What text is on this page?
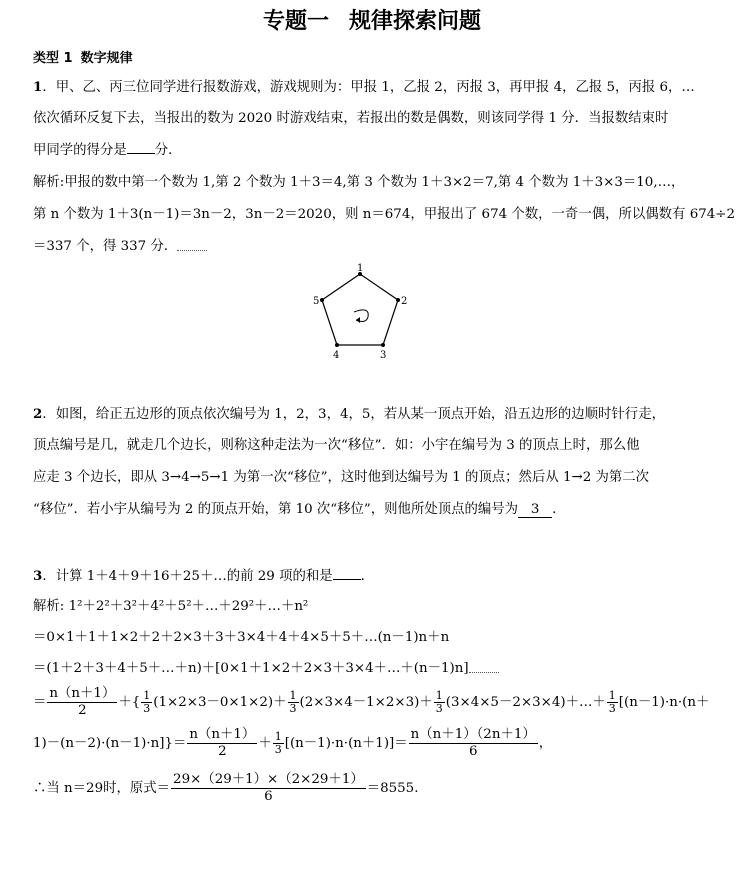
专题一 规律探索问题
类型 1 数字规律
1．甲、乙、丙三位同学进行报数游戏，游戏规则为：甲报 1，乙报 2，丙报 3，再甲报 4，乙报 5，丙报 6，…
依次循环反复下去，当报出的数为 2020 时游戏结束，若报出的数是偶数，则该同学得 1 分．当报数结束时
甲同学的得分是 分．
解析:甲报的数中第一个数为 1,第 2 个数为 1＋3＝4,第 3 个数为 1＋3×2＝7,第 4 个数为 1＋3×3＝10,…，
第 n 个数为 1＋3(n－1)＝3n－2，3n－2＝2020，则 n＝674，甲报出了 674 个数，一奇一偶，所以偶数有 674÷2
＝337 个，得 337 分．
1
2
3
4
5
2．如图，给正五边形的顶点依次编号为 1，2，3，4，5，若从某一顶点开始，沿五边形的边顺时针行走，
顶点编号是几，就走几个边长，则称这种走法为一次“移位”．如：小宇在编号为 3 的顶点上时，那么他
应走 3 个边长，即从 3→4→5→1 为第一次“移位”，这时他到达编号为 1 的顶点；然后从 1→2 为第二次
“移位”．若小宇从编号为 2 的顶点开始，第 10 次“移位”，则他所处顶点的编号为 3 ．
3．计算 1＋4＋9＋16＋25＋…的前 29 项的和是 ．
解析: 1²＋2²＋3²＋4²＋5²＋…＋29²＋…＋n²
＝0×1＋1＋1×2＋2＋2×3＋3＋3×4＋4＋4×5＋5＋…(n－1)n＋n
＝(1＋2＋3＋4＋5＋…＋n)＋[0×1＋1×2＋2×3＋3×4＋…＋(n－1)n]
＝ $\frac{n(n+1)}{2}$ ＋{ $\frac{1}{3} (1\times 2\times 3-0\times 1\times 2)+ \frac{1}{3} (2\times 3\times 4-1\times 2\times 3)+ \frac{1}{3}$ (3×4×5－2×3×4)＋…＋ $\frac{1}{3} [(n-1)\cdot n\cdot(n+$
$1)-(n-2)\cdot(n-1)\cdot n]\}= \frac{n(n+1)}{2} + \frac{1}{3} [(n-1)\cdot n\cdot(n+1)]= \frac{n(n+1)(2n+1)}{6}$ ，
∴当 n＝29时，原式＝ $\frac{29\times(29+1)\times(2\times 29+1)}{6} =8555$.
